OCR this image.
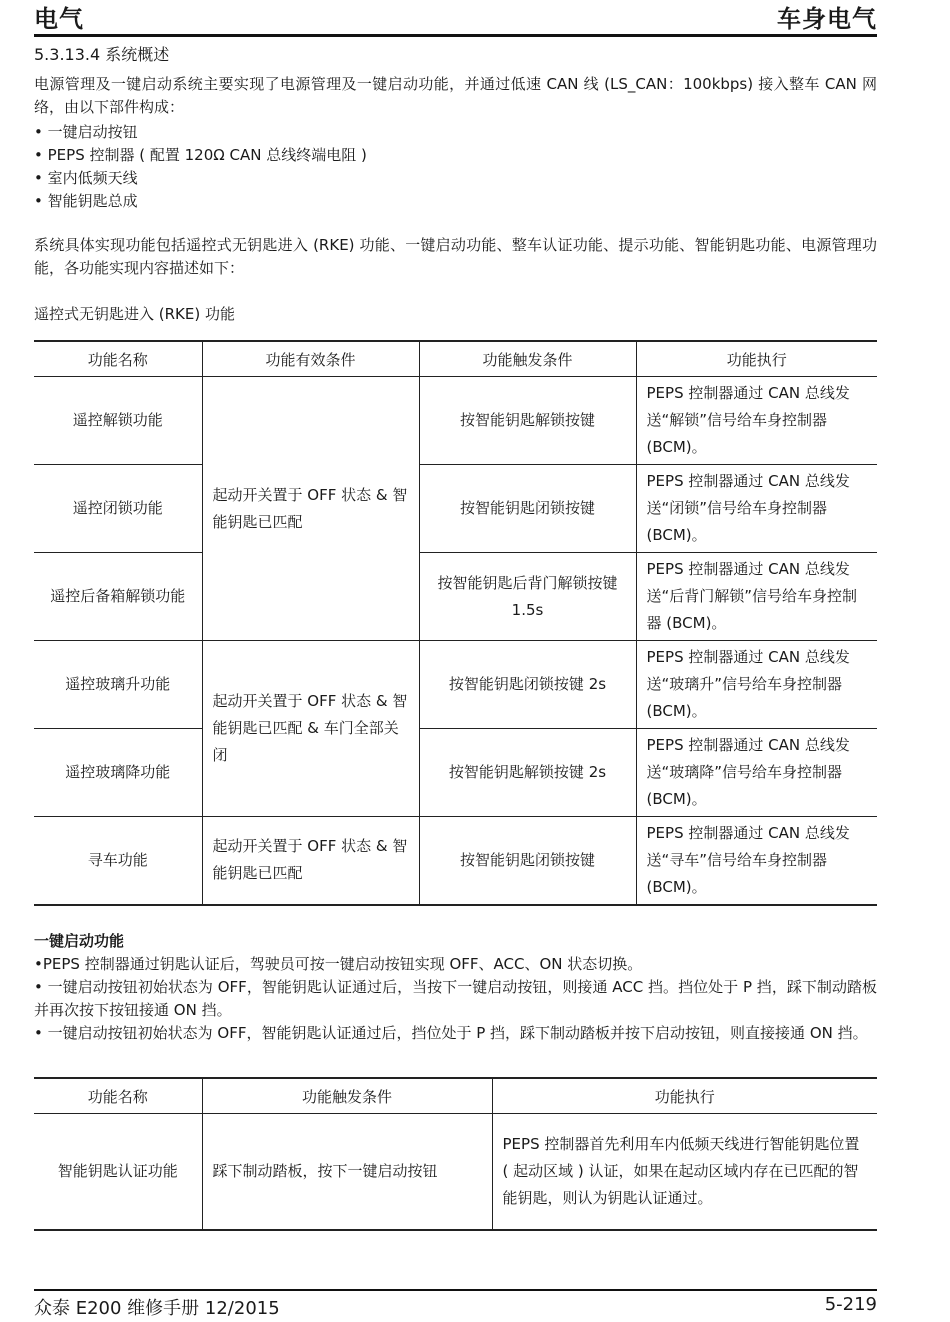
电气	车身电气
5.3.13.4 系统概述
电源管理及一键启动系统主要实现了电源管理及一键启动功能，并通过低速 CAN 线 (LS_CAN：100kbps) 接入整车 CAN 网络，由以下部件构成：
• 一键启动按钮
• PEPS 控制器 ( 配置 120Ω CAN 总线终端电阻 )
• 室内低频天线
• 智能钥匙总成
系统具体实现功能包括遥控式无钥匙进入 (RKE) 功能、一键启动功能、整车认证功能、提示功能、智能钥匙功能、电源管理功能，各功能实现内容描述如下：
遥控式无钥匙进入 (RKE) 功能
功能名称	功能有效条件	功能触发条件	功能执行
遥控解锁功能	起动开关置于 OFF 状态 & 智能钥匙已匹配	按智能钥匙解锁按键	PEPS 控制器通过 CAN 总线发送“解锁”信号给车身控制器 (BCM)。
遥控闭锁功能		按智能钥匙闭锁按键	PEPS 控制器通过 CAN 总线发送“闭锁”信号给车身控制器 (BCM)。
遥控后备箱解锁功能		按智能钥匙后背门解锁按键 1.5s	PEPS 控制器通过 CAN 总线发送“后背门解锁”信号给车身控制器 (BCM)。
遥控玻璃升功能	起动开关置于 OFF 状态 & 智能钥匙已匹配 & 车门全部关闭	按智能钥匙闭锁按键 2s	PEPS 控制器通过 CAN 总线发送“玻璃升”信号给车身控制器 (BCM)。
遥控玻璃降功能		按智能钥匙解锁按键 2s	PEPS 控制器通过 CAN 总线发送“玻璃降”信号给车身控制器 (BCM)。
寻车功能	起动开关置于 OFF 状态 & 智能钥匙已匹配	按智能钥匙闭锁按键	PEPS 控制器通过 CAN 总线发送“寻车”信号给车身控制器 (BCM)。
一键启动功能
• PEPS 控制器通过钥匙认证后，驾驶员可按一键启动按钮实现 OFF、ACC、ON 状态切换。
• 一键启动按钮初始状态为 OFF，智能钥匙认证通过后，当按下一键启动按钮，则接通 ACC 挡。挡位处于 P 挡，踩下制动踏板并再次按下按钮接通 ON 挡。
• 一键启动按钮初始状态为 OFF，智能钥匙认证通过后，挡位处于 P 挡，踩下制动踏板并按下启动按钮，则直接接通 ON 挡。
功能名称	功能触发条件	功能执行
智能钥匙认证功能	踩下制动踏板，按下一键启动按钮	PEPS 控制器首先利用车内低频天线进行智能钥匙位置 ( 起动区域 ) 认证，如果在起动区域内存在已匹配的智能钥匙，则认为钥匙认证通过。
众泰 E200 维修手册 12/2015	5-219
